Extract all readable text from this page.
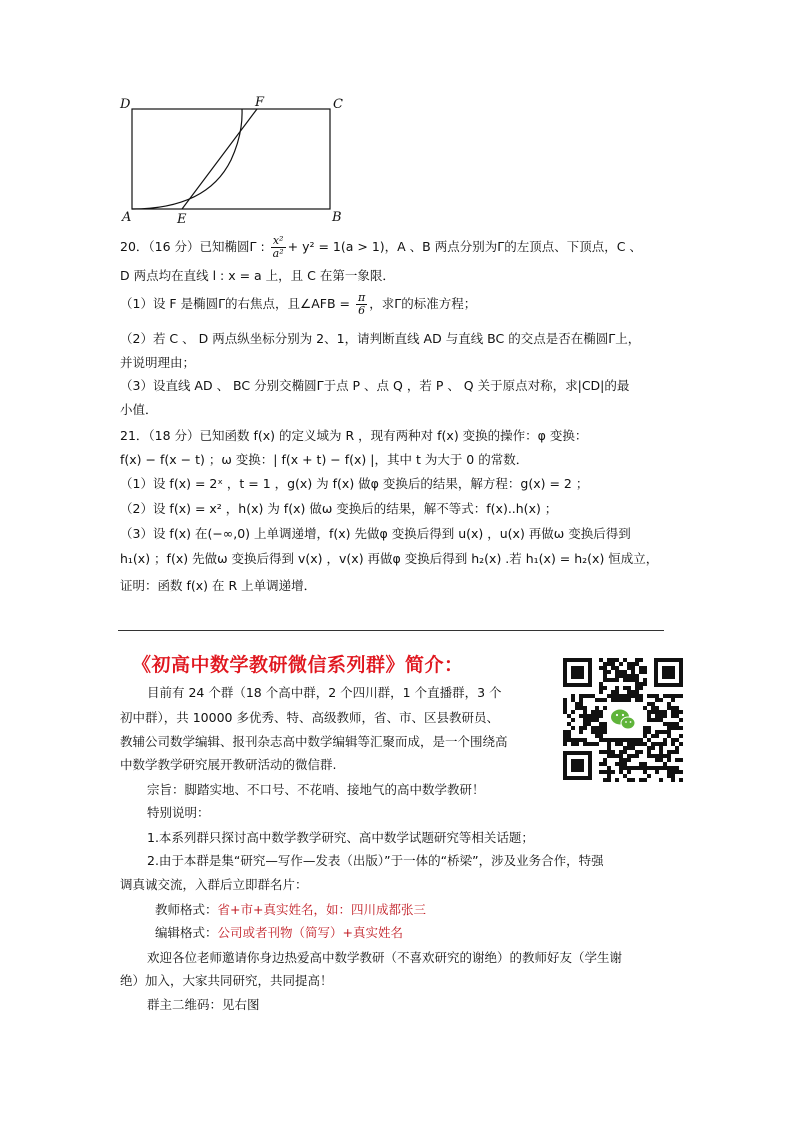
D	F	C
A	E	B
20．（16 分）已知椭圆Γ : $\frac{\text{x²}}{\text{a²}} + y^2 = 1(a > 1)$，A 、B 两点分别为Γ的左顶点、下顶点，C 、
D 两点均在直线 l : x = a 上，且 C 在第一象限．
（1）设 F 是椭圆Γ的右焦点，且∠AFB = $\frac{\pi}{6}$ ，求Γ的标准方程；
（2）若 C 、 D 两点纵坐标分别为 2、1，请判断直线 AD 与直线 BC 的交点是否在椭圆Γ上，
并说明理由；
（3）设直线 AD 、 BC 分别交椭圆Γ于点 P 、点 Q ，若 P 、 Q 关于原点对称，求|CD|的最
小值．
21．（18 分）已知函数 f(x) 的定义域为 R ，现有两种对 f(x) 变换的操作：φ 变换：
f(x) − f(x − t) ；ω 变换：| f(x + t) − f(x) |，其中 t 为大于 0 的常数．
（1）设 f(x) = 2ˣ ，t = 1 ，g(x) 为 f(x) 做φ 变换后的结果，解方程：g(x) = 2 ；
（2）设 f(x) = x² ，h(x) 为 f(x) 做ω 变换后的结果，解不等式：f(x)..h(x) ；
（3）设 f(x) 在(−∞,0) 上单调递增，f(x) 先做φ 变换后得到 u(x) ，u(x) 再做ω 变换后得到
h₁(x) ；f(x) 先做ω 变换后得到 v(x) ，v(x) 再做φ 变换后得到 h₂(x) .若 h₁(x) = h₂(x) 恒成立，
证明：函数 f(x) 在 R 上单调递增．
《初高中数学教研微信系列群》简介：
目前有 24 个群（18 个高中群，2 个四川群，1 个直播群，3 个
初中群），共 10000 多优秀、特、高级教师，省、市、区县教研员、
教辅公司数学编辑、报刊杂志高中数学编辑等汇聚而成，是一个围绕高
中数学教学研究展开教研活动的微信群.
宗旨：脚踏实地、不口号、不花哨、接地气的高中数学教研！
特别说明：
1.本系列群只探讨高中数学教学研究、高中数学试题研究等相关话题；
2.由于本群是集“研究—写作—发表（出版）”于一体的“桥梁”，涉及业务合作，特强
调真诚交流，入群后立即群名片：
教师格式：省+市+真实姓名，如：四川成都张三
编辑格式：公司或者刊物（简写）+真实姓名
欢迎各位老师邀请你身边热爱高中数学教研（不喜欢研究的谢绝）的教师好友（学生谢
绝）加入，大家共同研究，共同提高！
群主二维码：见右图
